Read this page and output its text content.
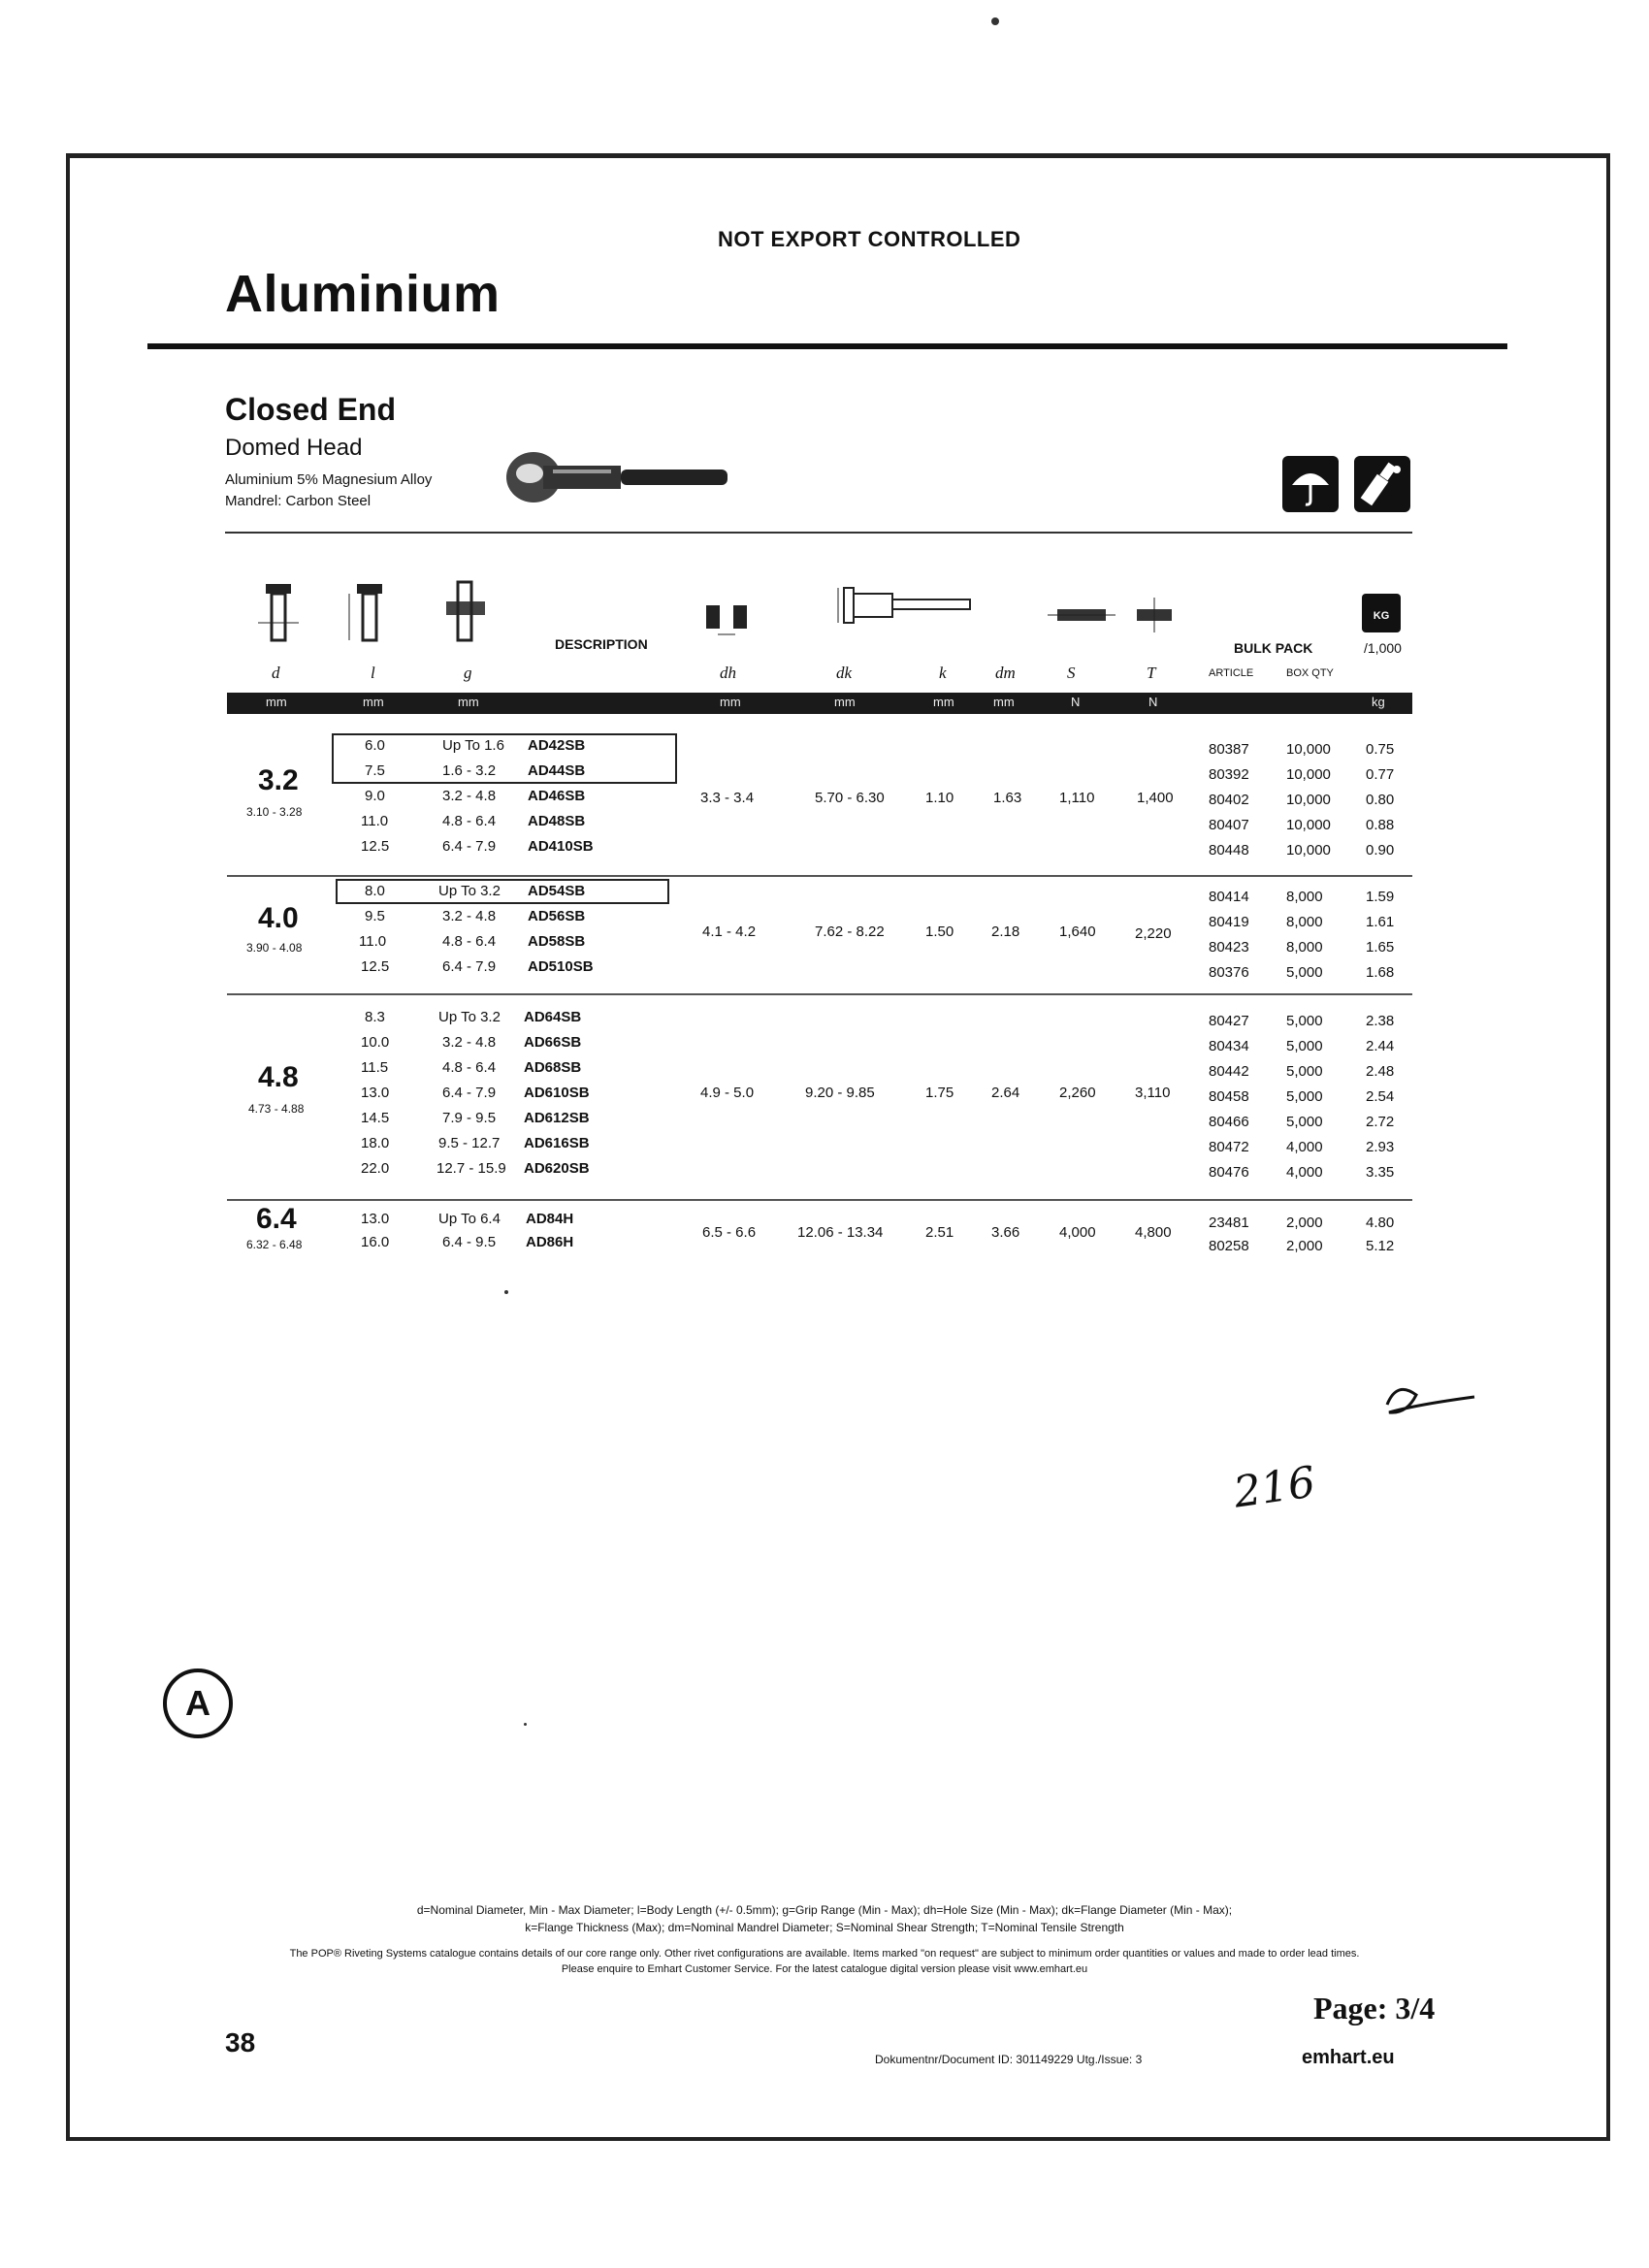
NOT EXPORT CONTROLLED
Aluminium
Closed End
Domed Head
Aluminium 5% Magnesium Alloy
Mandrel: Carbon Steel
KG
d	l	g
DESCRIPTION
dh	dk	k	dm	S	T
BULK PACK
ARTICLE	BOX QTY
/1,000
mm	mm	mm	mm	mm	mm	mm	N	N	kg
3.2
3.10 - 3.28
3.3 - 3.4	5.70 - 6.30	1.10	1.63	1,110	1,400
6.0	Up To 1.6 AD42SB	80387	10,000 0.75
7.5	1.6 - 3.2 AD44SB	80392	10,000 0.77
9.0	3.2 - 4.8 AD46SB	80402	10,000 0.80
11.0	4.8 - 6.4 AD48SB	80407	10,000 0.88
12.5	6.4 - 7.9 AD410SB	80448	10,000 0.90
4.0
3.90 - 4.08
4.1 - 4.2	7.62 - 8.22	1.50	2.18	1,640	2,220
8.0	Up To 3.2 AD54SB	80414	8,000	1.59
9.5	3.2 - 4.8 AD56SB	80419	8,000	1.61
11.0	4.8 - 6.4 AD58SB	80423	8,000	1.65
12.5	6.4 - 7.9 AD510SB	80376	5,000	1.68
4.8
4.73 - 4.88
4.9 - 5.0	9.20 - 9.85	1.75	2.64	2,260	3,110
8.3	Up To 3.2 AD64SB	80427	5,000	2.38
10.0	3.2 - 4.8 AD66SB	80434	5,000	2.44
11.5	4.8 - 6.4 AD68SB	80442	5,000	2.48
13.0	6.4 - 7.9 AD610SB	80458	5,000	2.54
14.5	7.9 - 9.5 AD612SB	80466	5,000	2.72
18.0	9.5 - 12.7 AD616SB	80472	4,000	2.93
22.0	12.7 - 15.9 AD620SB	80476	4,000	3.35
6.4
6.32 - 6.48
6.5 - 6.6	12.06 - 13.34	2.51	3.66	4,000	4,800
13.0	Up To 6.4 AD84H	23481	2,000	4.80
16.0	6.4 - 9.5 AD86H	80258	2,000	5.12
216
A
d=Nominal Diameter, Min - Max Diameter; l=Body Length (+/- 0.5mm); g=Grip Range (Min - Max); dh=Hole Size (Min - Max); dk=Flange Diameter (Min - Max);
k=Flange Thickness (Max); dm=Nominal Mandrel Diameter; S=Nominal Shear Strength; T=Nominal Tensile Strength
The POP® Riveting Systems catalogue contains details of our core range only. Other rivet configurations are available. Items marked "on request" are subject to minimum order quantities or values and made to order lead times.
Please enquire to Emhart Customer Service. For the latest catalogue digital version please visit www.emhart.eu
Page: 3/4
38
Dokumentnr/Document ID: 301149229 Utg./Issue: 3	emhart.eu
